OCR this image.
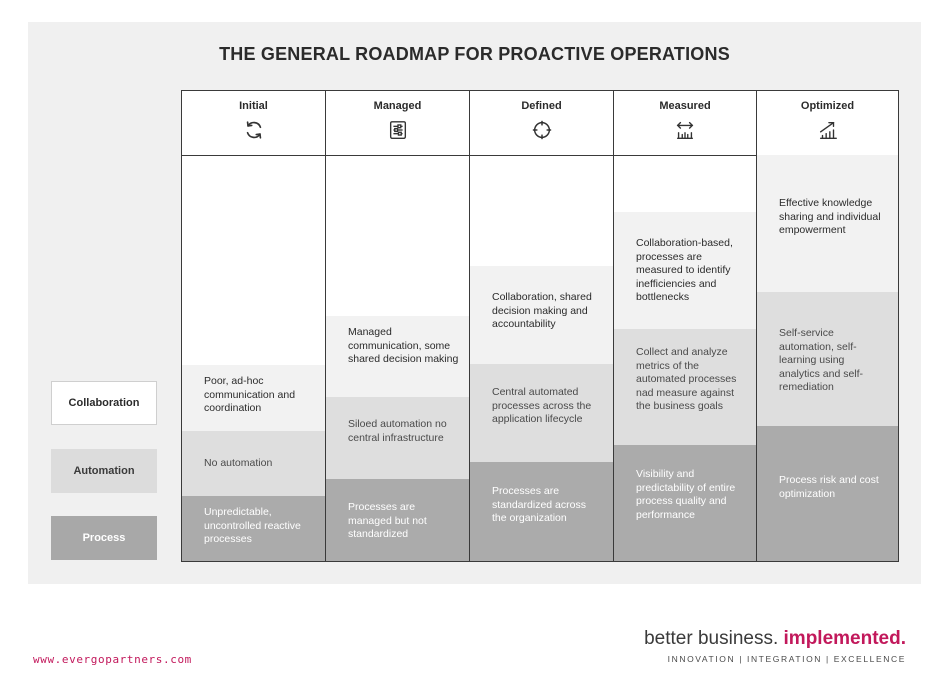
THE GENERAL ROADMAP FOR PROACTIVE OPERATIONS
Collaboration
Automation
Process
Initial
Poor, ad-hoc communication and coordination
No automation
Unpredictable, uncontrolled reactive processes
Managed
Managed communication, some shared decision making
Siloed automation no central infrastructure
Processes are managed but not standardized
Defined
Collaboration, shared decision making and accountability
Central automated processes across the application lifecycle
Processes are standardized across the organization
Measured
Collaboration-based, processes are measured to identify inefficiencies and bottlenecks
Collect and analyze metrics of the automated processes nad measure against the business goals
Visibility and predictability of entire process quality and performance
Optimized
Effective knowledge sharing and individual empowerment
Self-service automation, self-learning using analytics and self-remediation
Process risk and cost optimization
www.evergopartners.com
better business. implemented.
INNOVATION | INTEGRATION | EXCELLENCE
